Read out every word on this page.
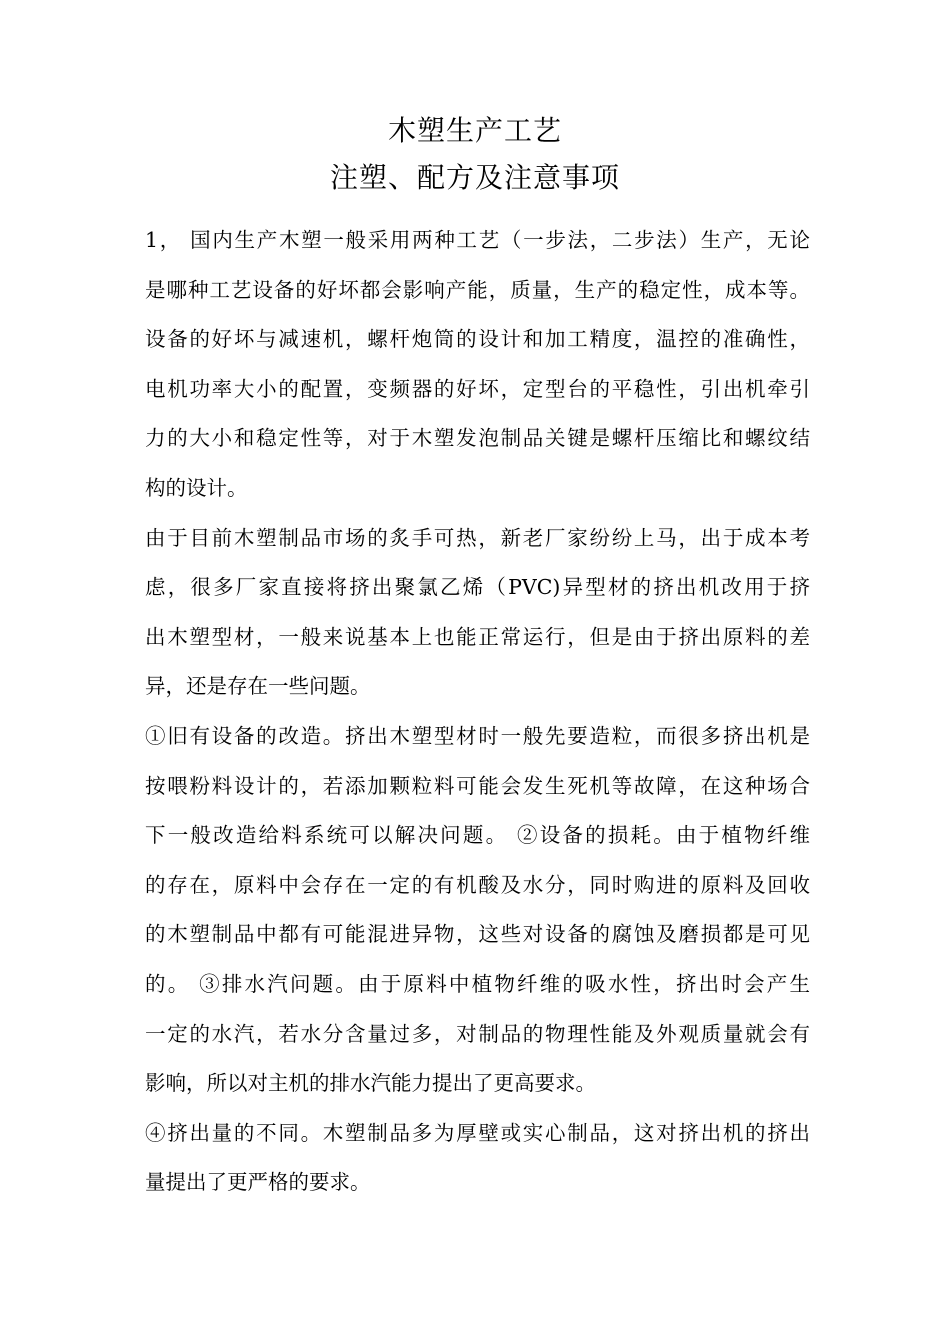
木塑生产工艺
注塑、配方及注意事项
1， 国内生产木塑一般采用两种工艺（一步法，二步法）生产，无论
是哪种工艺设备的好坏都会影响产能，质量，生产的稳定性，成本等。
设备的好坏与减速机，螺杆炮筒的设计和加工精度，温控的准确性，
电机功率大小的配置，变频器的好坏，定型台的平稳性，引出机牵引
力的大小和稳定性等，对于木塑发泡制品关键是螺杆压缩比和螺纹结
构的设计。
由于目前木塑制品市场的炙手可热，新老厂家纷纷上马，出于成本考
虑，很多厂家直接将挤出聚氯乙烯（PVC)异型材的挤出机改用于挤
出木塑型材，一般来说基本上也能正常运行，但是由于挤出原料的差
异，还是存在一些问题。
①旧有设备的改造。挤出木塑型材时一般先要造粒，而很多挤出机是
按喂粉料设计的，若添加颗粒料可能会发生死机等故障，在这种场合
下一般改造给料系统可以解决问题。 ②设备的损耗。由于植物纤维
的存在，原料中会存在一定的有机酸及水分，同时购进的原料及回收
的木塑制品中都有可能混进异物，这些对设备的腐蚀及磨损都是可见
的。 ③排水汽问题。由于原料中植物纤维的吸水性，挤出时会产生
一定的水汽，若水分含量过多，对制品的物理性能及外观质量就会有
影响，所以对主机的排水汽能力提出了更高要求。
④挤出量的不同。木塑制品多为厚壁或实心制品，这对挤出机的挤出
量提出了更严格的要求。
